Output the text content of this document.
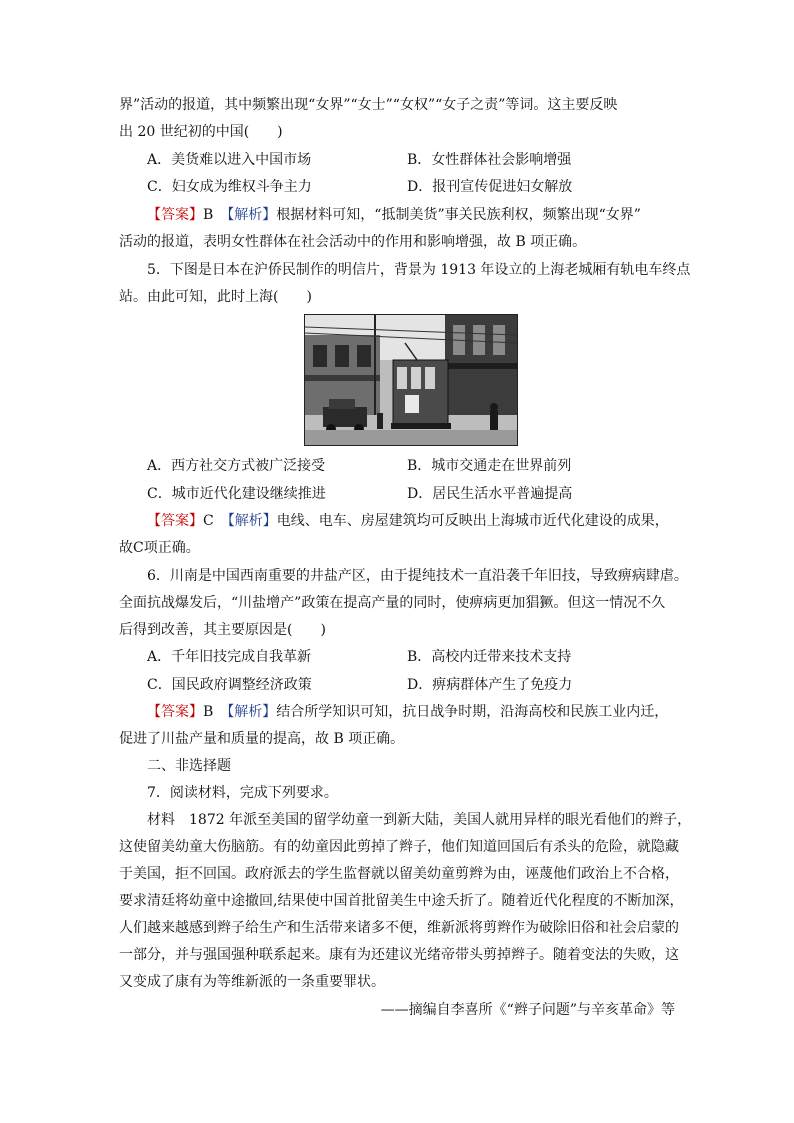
界”活动的报道，其中频繁出现“女界”“女士”“女权”“女子之责”等词。这主要反映
出 20 世纪初的中国(　　)
A．美货难以进入中国市场	B．女性群体社会影响增强
C．妇女成为维权斗争主力	D．报刊宣传促进妇女解放
【答案】B　 【解析】根据材料可知，“抵制美货”事关民族利权，频繁出现“女界”
活动的报道，表明女性群体在社会活动中的作用和影响增强，故 B 项正确。
5．下图是日本在沪侨民制作的明信片，背景为 1913 年设立的上海老城厢有轨电车终点
站。由此可知，此时上海(　　)
A．西方社交方式被广泛接受	B．城市交通走在世界前列
C．城市近代化建设继续推进	D．居民生活水平普遍提高
【答案】C　 【解析】电线、电车、房屋建筑均可反映出上海城市近代化建设的成果，
故C项正确。
6．川南是中国西南重要的井盐产区，由于提纯技术一直沿袭千年旧技，导致痹病肆虐。
全面抗战爆发后，“川盐增产”政策在提高产量的同时，使痹病更加猖獗。但这一情况不久
后得到改善，其主要原因是(　　)
A．千年旧技完成自我革新	B．高校内迁带来技术支持
C．国民政府调整经济政策	D．痹病群体产生了免疫力
【答案】B　 【解析】结合所学知识可知，抗日战争时期，沿海高校和民族工业内迁，
促进了川盐产量和质量的提高，故 B 项正确。
二、非选择题
7．阅读材料，完成下列要求。
材料　1872 年派至美国的留学幼童一到新大陆，美国人就用异样的眼光看他们的辫子，
这使留美幼童大伤脑筋。有的幼童因此剪掉了辫子，他们知道回国后有杀头的危险，就隐藏
于美国，拒不回国。政府派去的学生监督就以留美幼童剪辫为由，诬蔑他们政治上不合格，
要求清廷将幼童中途撤回,结果使中国首批留美生中途夭折了。随着近代化程度的不断加深，
人们越来越感到辫子给生产和生活带来诸多不便，维新派将剪辫作为破除旧俗和社会启蒙的
一部分，并与强国强种联系起来。康有为还建议光绪帝带头剪掉辫子。随着变法的失败，这
又变成了康有为等维新派的一条重要罪状。
——摘编自李喜所《“辫子问题”与辛亥革命》等
